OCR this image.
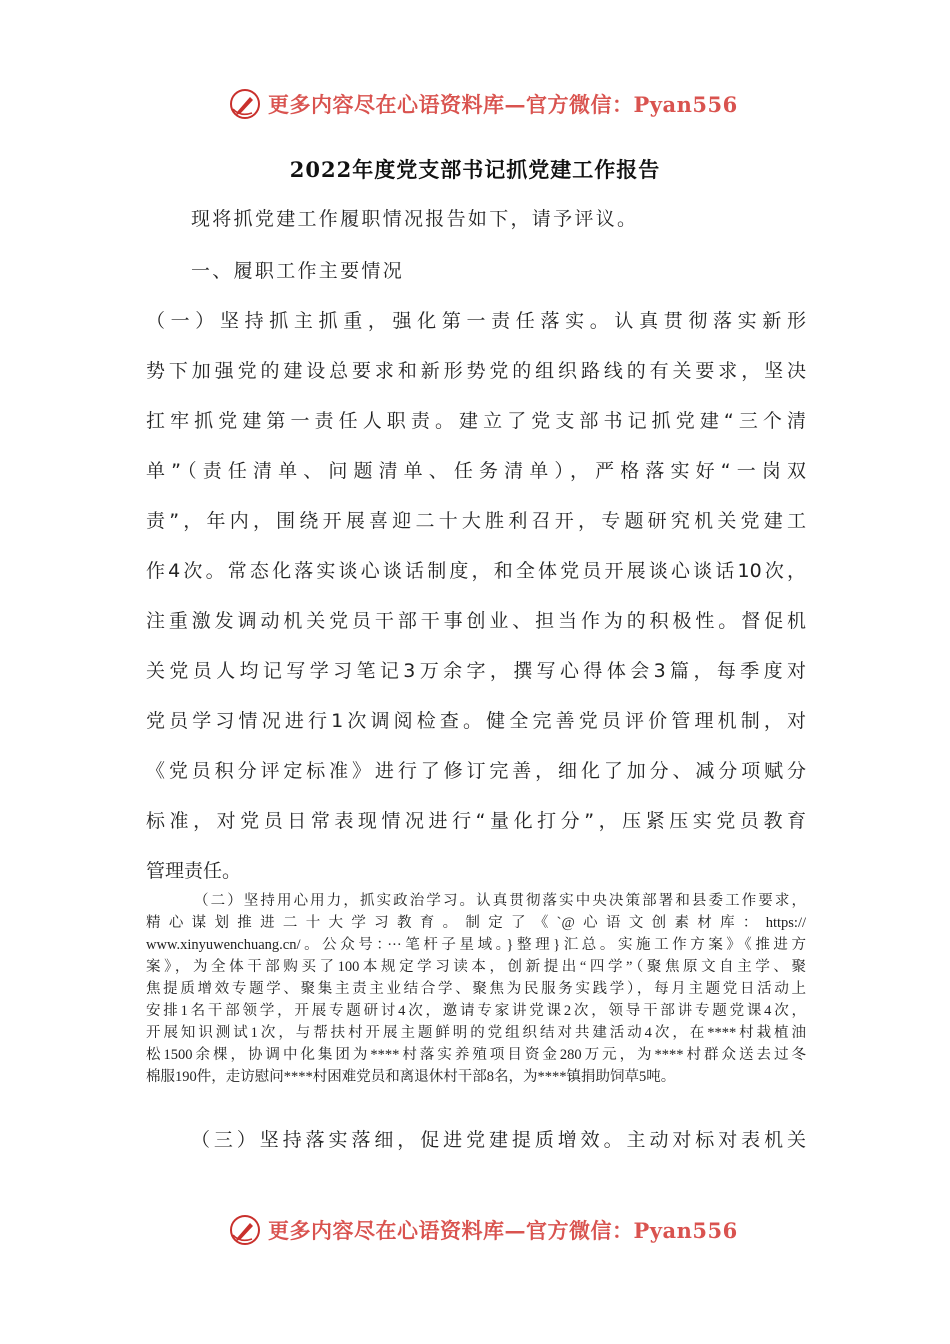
更多内容尽在心语资料库—官方微信：Pyan556
2022年度党支部书记抓党建工作报告
现将抓党建工作履职情况报告如下，请予评议。
一、履职工作主要情况
（一）坚持抓主抓重，强化第一责任落实。认真贯彻落实新形
势下加强党的建设总要求和新形势党的组织路线的有关要求，坚决
扛牢抓党建第一责任人职责。建立了党支部书记抓党建“三个清
单”（责任清单、问题清单、任务清单），严格落实好“一岗双
责”，年内，围绕开展喜迎二十大胜利召开，专题研究机关党建工
作4次。常态化落实谈心谈话制度，和全体党员开展谈心谈话10次，
注重激发调动机关党员干部干事创业、担当作为的积极性。督促机
关党员人均记写学习笔记3万余字，撰写心得体会3篇，每季度对
党员学习情况进行1次调阅检查。健全完善党员评价管理机制，对
《党员积分评定标准》进行了修订完善，细化了加分、减分项赋分
标准，对党员日常表现情况进行“量化打分”，压紧压实党员教育
管理责任。
（二）坚持用心用力，抓实政治学习。认真贯彻落实中央决策部署和县委工作要求，
精心谋划推进二十大学习教育。制定了《`@心语文创素材库：https://
www.xinyuwenchuang.cn/。公众号：···笔杆子星域。}整理}汇总。实施工作方案》《推进方
案》，为全体干部购买了100本规定学习读本，创新提出“四学”（聚焦原文自主学、聚
焦提质增效专题学、聚集主责主业结合学、聚焦为民服务实践学），每月主题党日活动上
安排1名干部领学，开展专题研讨4次，邀请专家讲党课2次，领导干部讲专题党课4次，
开展知识测试1次，与帮扶村开展主题鲜明的党组织结对共建活动4次，在****村栽植油
松1500余棵，协调中化集团为****村落实养殖项目资金280万元，为****村群众送去过冬
棉服190件，走访慰问****村困难党员和离退休村干部8名，为****镇捐助饲草5吨。
（三）坚持落实落细，促进党建提质增效。主动对标对表机关
更多内容尽在心语资料库—官方微信：Pyan556
